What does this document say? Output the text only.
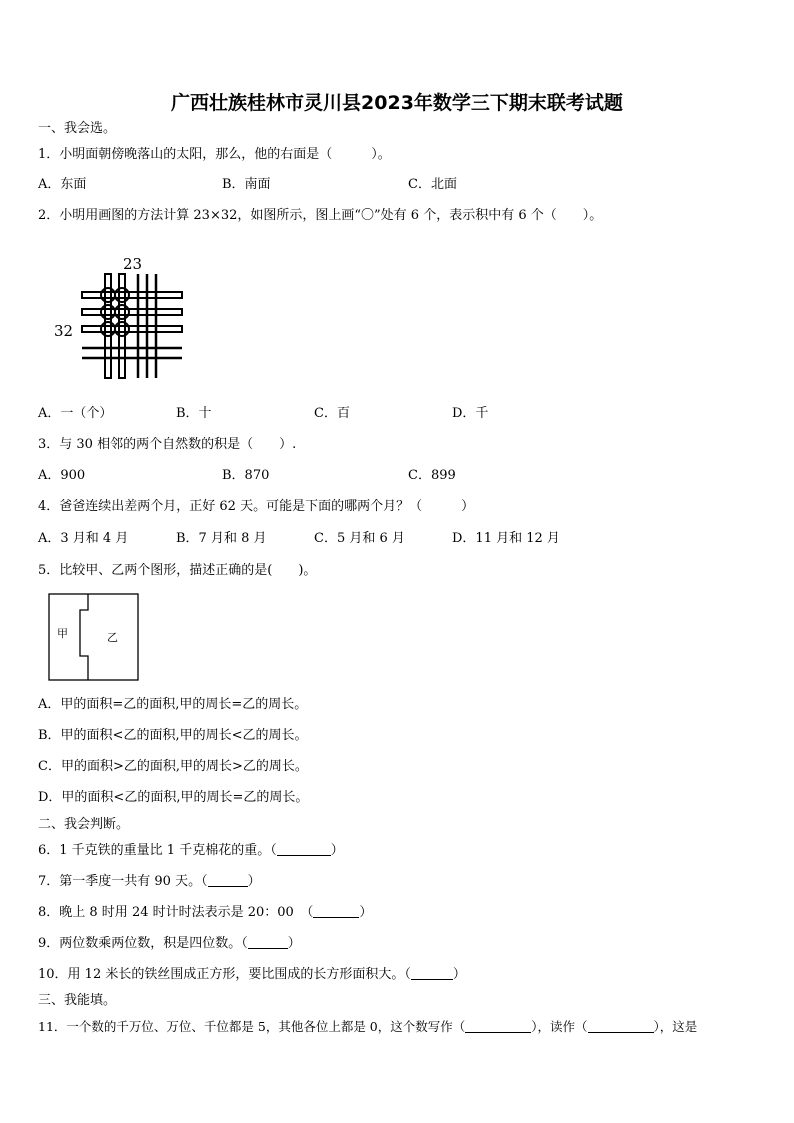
广西壮族桂林市灵川县2023年数学三下期末联考试题
一、我会选。
1．小明面朝傍晚落山的太阳，那么，他的右面是（　　　）。
A．东面	B．南面	C．北面
2．小明用画图的方法计算 23×32，如图所示，图上画“〇”处有 6 个，表示积中有 6 个（　　）。
23
32
A．一（个）	B．十	C．百	D．千
3．与 30 相邻的两个自然数的积是（　　）.
A．900	B．870	C．899
4．爸爸连续出差两个月，正好 62 天。可能是下面的哪两个月？（　　　）
A．3 月和 4 月	B．7 月和 8 月	C．5 月和 6 月	D．11 月和 12 月
5．比较甲、乙两个图形，描述正确的是(　　)。
甲	乙
A．甲的面积=乙的面积,甲的周长=乙的周长。
B．甲的面积<乙的面积,甲的周长<乙的周长。
C．甲的面积>乙的面积,甲的周长>乙的周长。
D．甲的面积<乙的面积,甲的周长=乙的周长。
二、我会判断。
6．1 千克铁的重量比 1 千克棉花的重。（	）
7．第一季度一共有 90 天。（	）
8．晚上 8 时用 24 时计时法表示是 20：00　（	）
9．两位数乘两位数，积是四位数。（	）
10．用 12 米长的铁丝围成正方形，要比围成的长方形面积大。（	）
三、我能填。
11．一个数的千万位、万位、千位都是 5，其他各位上都是 0，这个数写作（	），读作（	），这是
